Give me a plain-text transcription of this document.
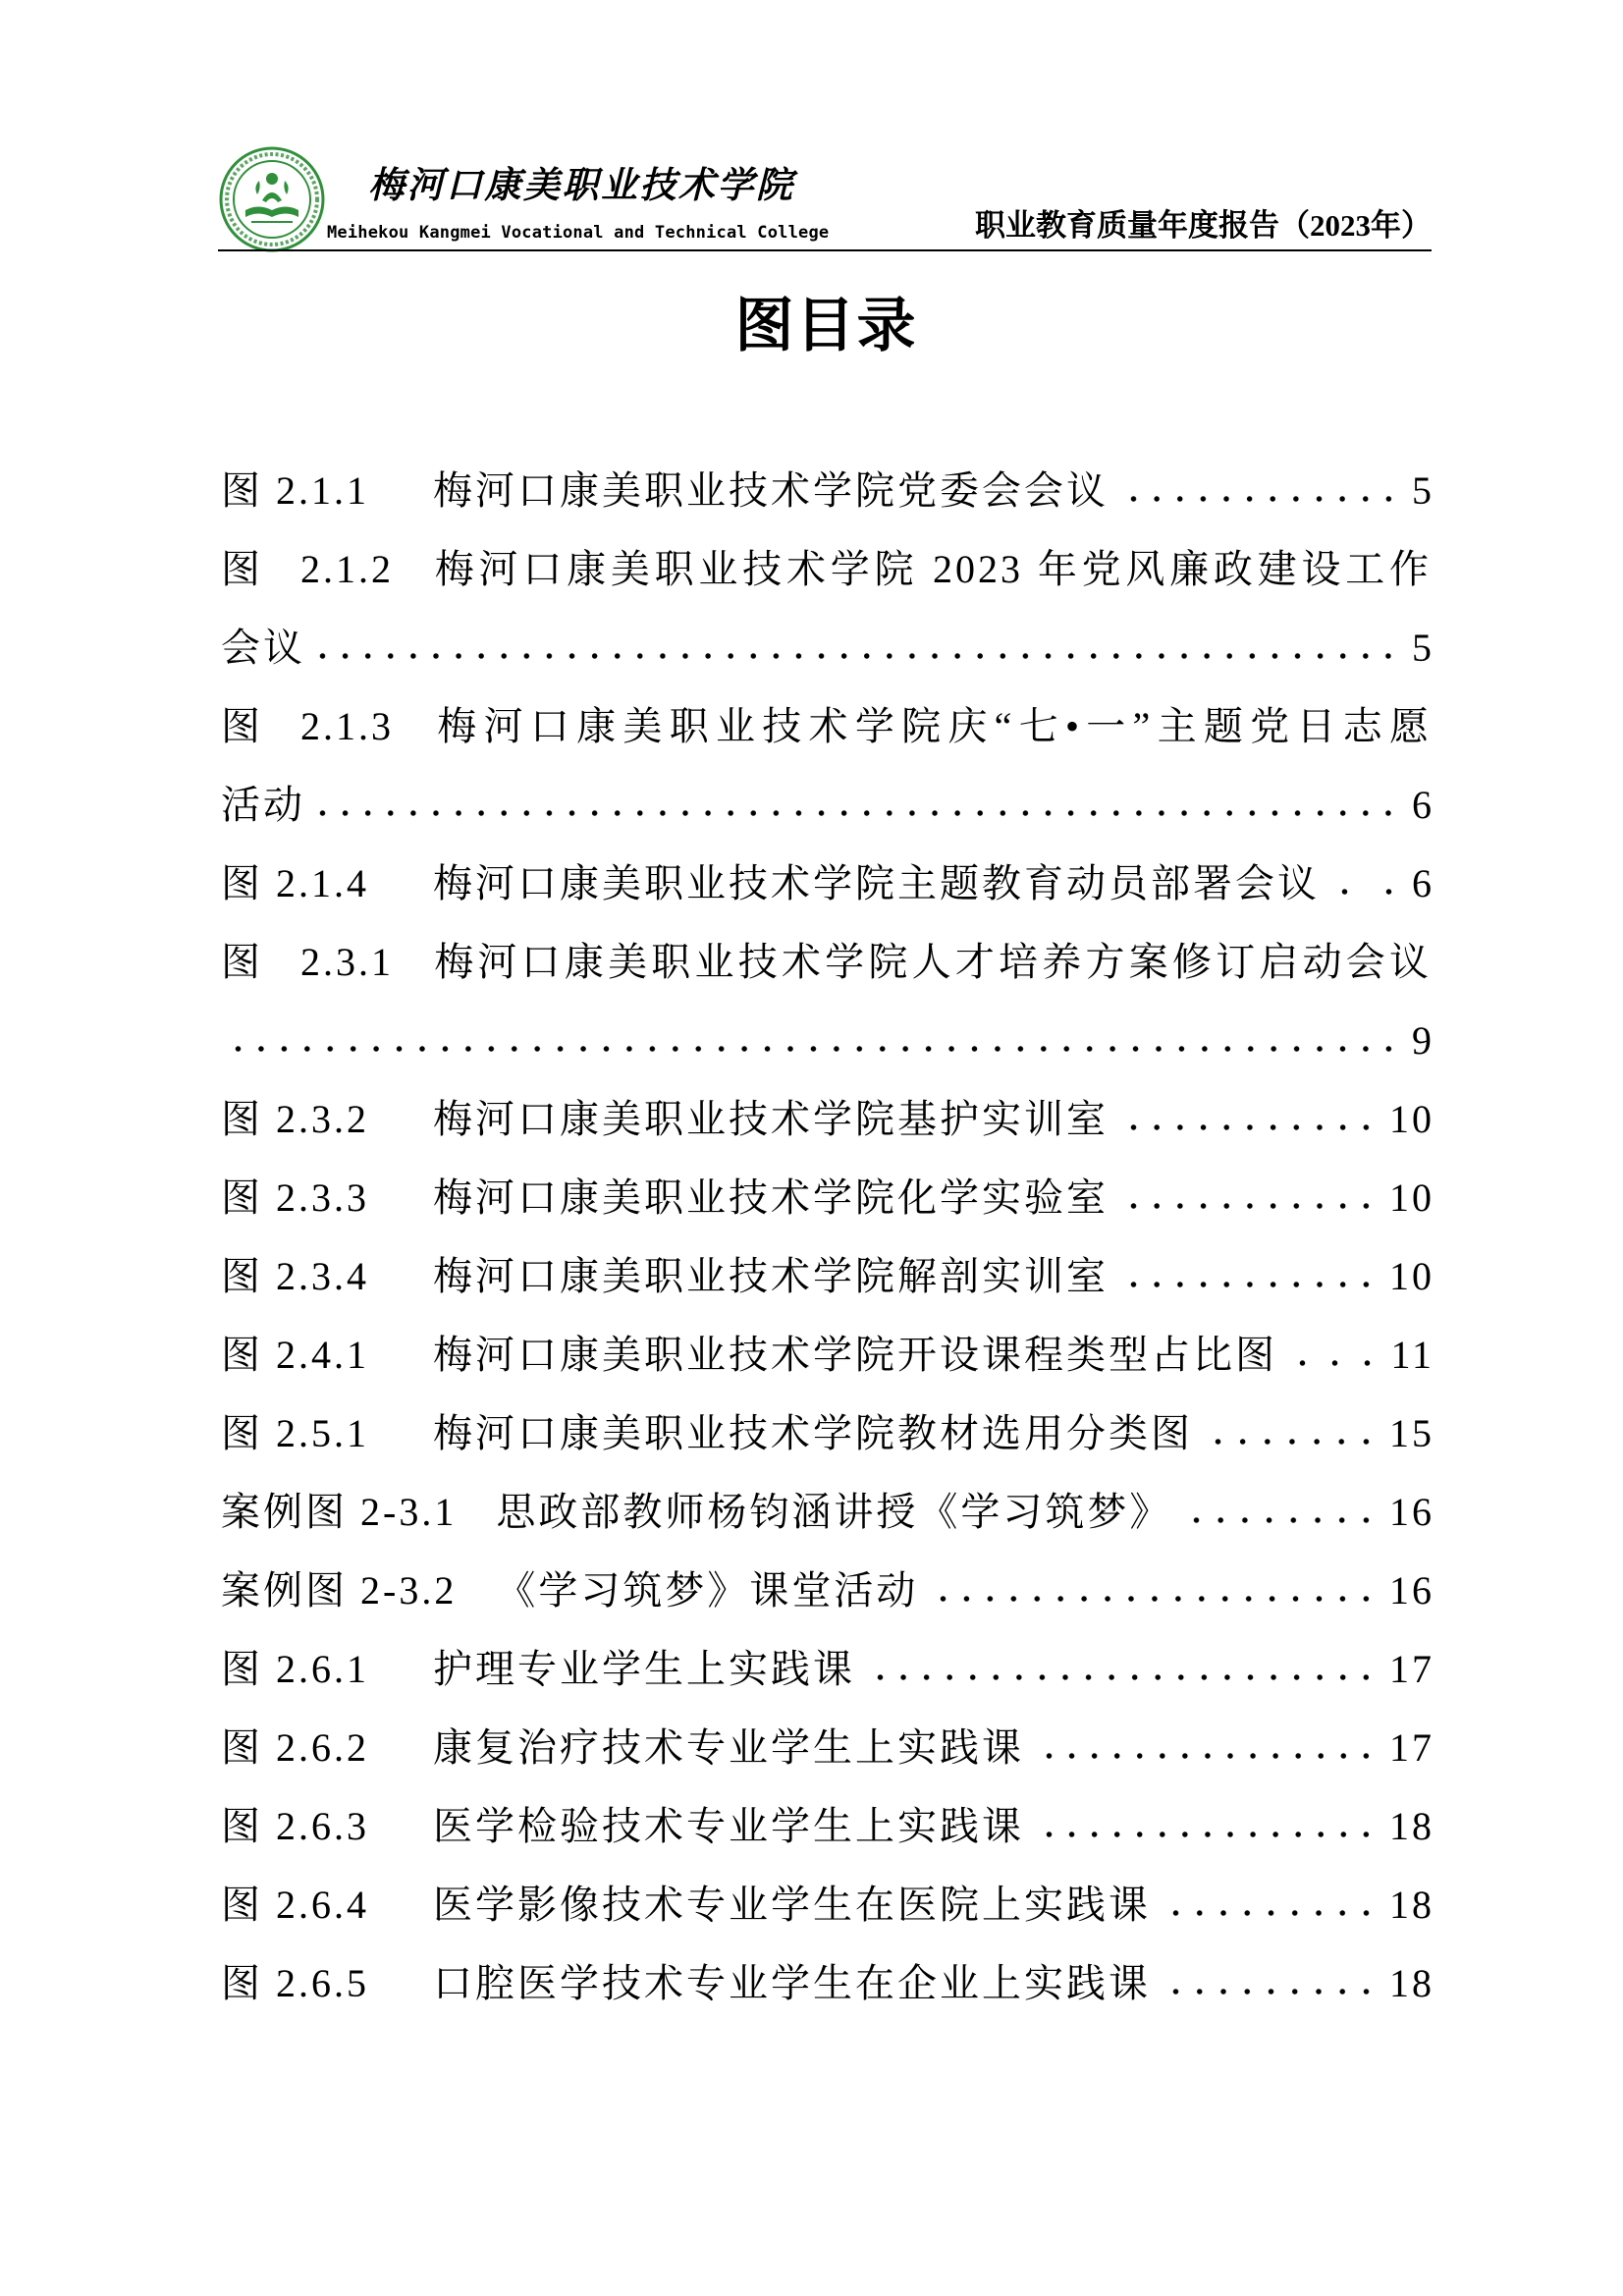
梅河口康美职业技术学院
Meihekou Kangmei Vocational and Technical College	职业教育质量年度报告（2023年）
图目录
图 2.1.1	梅河口康美职业技术学院党委会会议	5
图 2.1.2 梅河口康美职业技术学院 2023 年党风廉政建设工作
会议	5
图 2.1.3 梅河口康美职业技术学院庆“七•一”主题党日志愿
活动	6
图 2.1.4	梅河口康美职业技术学院主题教育动员部署会议 6
图2.3.1 梅河口康美职业技术学院人才培养方案修订启动会议
9
图 2.3.2	梅河口康美职业技术学院基护实训室	10
图 2.3.3	梅河口康美职业技术学院化学实验室	10
图 2.3.4	梅河口康美职业技术学院解剖实训室	10
图 2.4.1	梅河口康美职业技术学院开设课程类型占比图	11
图 2.5.1	梅河口康美职业技术学院教材选用分类图	15
案例图 2-3.1 思政部教师杨钧涵讲授《学习筑梦》	16
案例图 2-3.2 《学习筑梦》课堂活动	16
图 2.6.1	护理专业学生上实践课	17
图 2.6.2	康复治疗技术专业学生上实践课	17
图 2.6.3	医学检验技术专业学生上实践课	18
图 2.6.4	医学影像技术专业学生在医院上实践课	18
图 2.6.5	口腔医学技术专业学生在企业上实践课	18
